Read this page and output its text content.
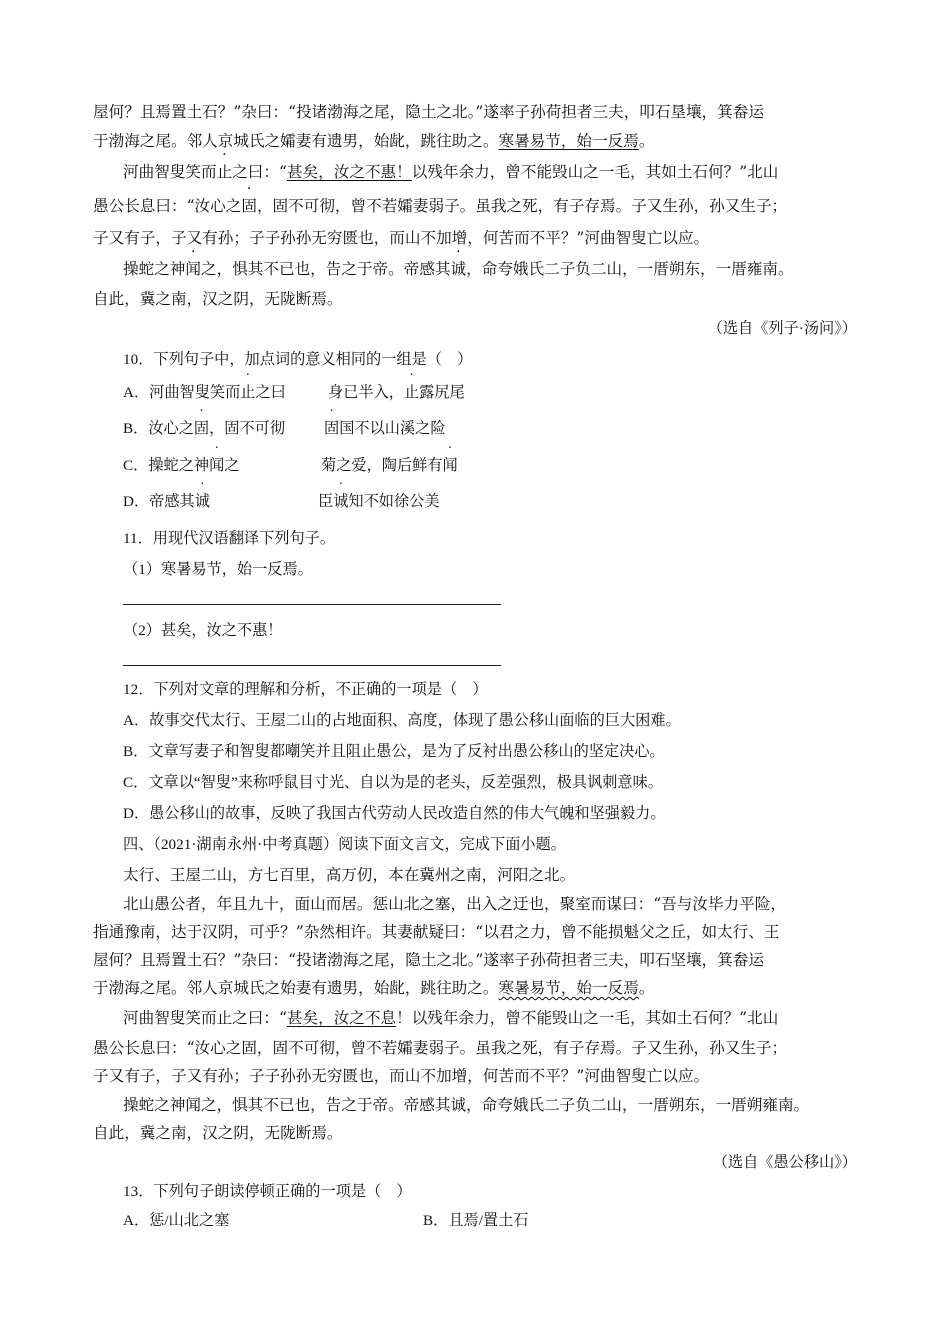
屋何？且焉置土石？”杂曰：“投诸渤海之尾，隐土之北。”遂率子孙荷担者三夫，叩石垦壤，箕畚运
于渤海之尾。邻人京城氏之孀妻有遗男，始龀，跳往助之。寒暑易节，始一反焉。
河曲智叟笑而止之曰：“甚矣，汝之不惠！以残年余力，曾不能毁山之一毛，其如土石何？”北山
愚公长息曰：“汝心之固，固不可彻，曾不若孀妻弱子。虽我之死，有子存焉。子又生孙，孙又生子；
子又有子，子又有孙；子子孙孙无穷匮也，而山不加增，何苦而不平？”河曲智叟亡以应。
操蛇之神闻之，惧其不已也，告之于帝。帝感其诚，命夸娥氏二子负二山，一厝朔东，一厝雍南。
自此，冀之南，汉之阴，无陇断焉。
（选自《列子·汤问》）
10．下列句子中，加点词的意义相同的一组是（　）
A．河曲智叟笑而止之曰	身已半入，止露尻尾
B．汝心之固，固不可彻	固国不以山溪之险
C．操蛇之神闻之	菊之爱，陶后鲜有闻
D．帝感其诚	臣诚知不如徐公美
11．用现代汉语翻译下列句子。
（1）寒暑易节，始一反焉。
（2）甚矣，汝之不惠！
12．下列对文章的理解和分析，不正确的一项是（　）
A．故事交代太行、王屋二山的占地面积、高度，体现了愚公移山面临的巨大困难。
B．文章写妻子和智叟都嘲笑并且阻止愚公，是为了反衬出愚公移山的坚定决心。
C．文章以“智叟”来称呼鼠目寸光、自以为是的老头，反差强烈，极具讽刺意味。
D．愚公移山的故事，反映了我国古代劳动人民改造自然的伟大气魄和坚强毅力。
四、（2021·湖南永州·中考真题）阅读下面文言文，完成下面小题。
太行、王屋二山，方七百里，高万仞，本在冀州之南，河阳之北。
北山愚公者，年且九十，面山而居。惩山北之塞，出入之迂也，聚室而谋曰：“吾与汝毕力平险，
指通豫南，达于汉阴，可乎？”杂然相许。其妻献疑曰：“以君之力，曾不能损魁父之丘，如太行、王
屋何？且焉置土石？”杂曰：“投诸渤海之尾，隐土之北。”遂率子孙荷担者三夫，叩石坚壤，箕畚运
于渤海之尾。邻人京城氏之始妻有遗男，始龀，跳往助之。寒暑易节，始一反焉。
河曲智叟笑而止之曰：“甚矣，汝之不息！以残年余力，曾不能毁山之一毛，其如土石何？”北山
愚公长息曰：“汝心之固，固不可彻，曾不若孀妻弱子。虽我之死，有子存焉。子又生孙，孙又生子；
子又有子，子又有孙；子子孙孙无穷匮也，而山不加增，何苦而不平？”河曲智叟亡以应。
操蛇之神闻之，惧其不已也，告之于帝。帝感其诚，命夸娥氏二子负二山，一厝朔东，一厝朔雍南。
自此，冀之南，汉之阴，无陇断焉。
（选自《愚公移山》）
13．下列句子朗读停顿正确的一项是（　）
A．惩/山北之塞	B．且焉/置土石
